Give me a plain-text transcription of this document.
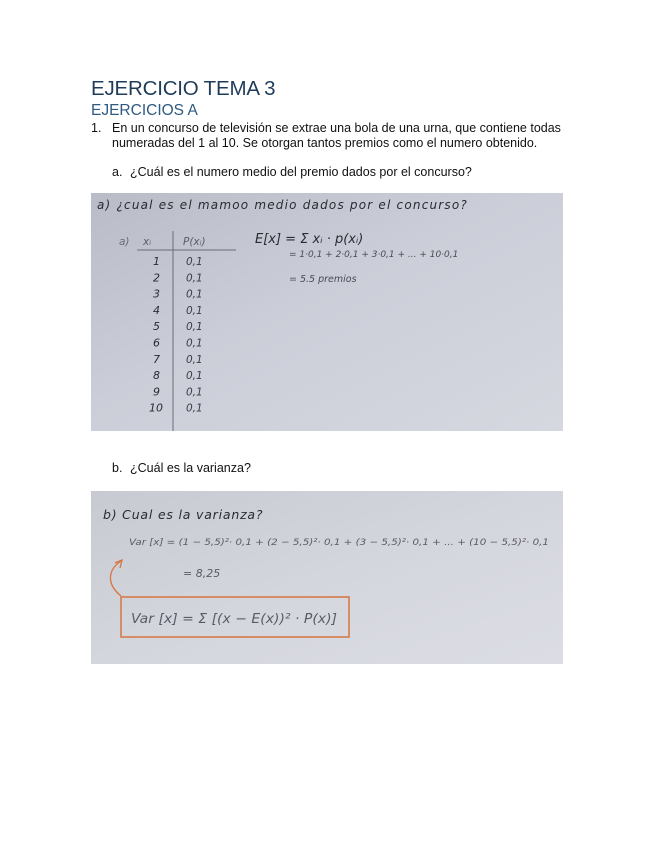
EJERCICIO TEMA 3
EJERCICIOS A
1. En un concurso de televisión se extrae una bola de una urna, que contiene todas numeradas del 1 al 10. Se otorgan tantos premios como el numero obtenido.
a. ¿Cuál es el numero medio del premio dados por el concurso?
a) ¿cual es el mamoo medio dados por el concurso?
a) xᵢ	P(xᵢ)
1 0,1
2 0,1
3 0,1
4 0,1
5 0,1
6 0,1
7 0,1
8 0,1
9 0,1
10 0,1
E[x] = Σ xᵢ · p(xᵢ)
= 1·0,1 + 2·0,1 + 3·0,1 + ... + 10·0,1
= 5.5 premios
b. ¿Cuál es la varianza?
b) Cual es la varianza?
Var [x] = (1 − 5,5)²· 0,1 + (2 − 5,5)²· 0,1 + (3 − 5,5)²· 0,1 + ... + (10 − 5,5)²· 0,1
= 8,25
Var [x] = Σ [(x − E(x))² · P(x)]
